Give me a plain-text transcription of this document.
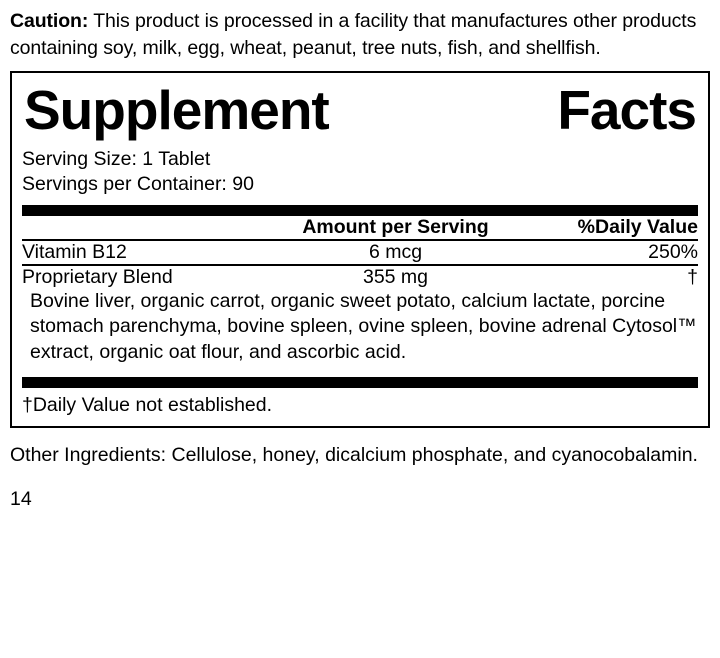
Caution: This product is processed in a facility that manufactures other products containing soy, milk, egg, wheat, peanut, tree nuts, fish, and shellfish.

Supplement	Facts
Serving Size: 1 Tablet
Servings per Container: 90
	Amount per Serving	%Daily Value
Vitamin B12	6 mcg	250%
Proprietary Blend	355 mg	†
Bovine liver, organic carrot, organic sweet potato, calcium lactate, porcine stomach parenchyma, bovine spleen, ovine spleen, bovine adrenal Cytosol™ extract, organic oat flour, and ascorbic acid.
†Daily Value not established.

Other Ingredients: Cellulose, honey, dicalcium phosphate, and cyanocobalamin.

14
